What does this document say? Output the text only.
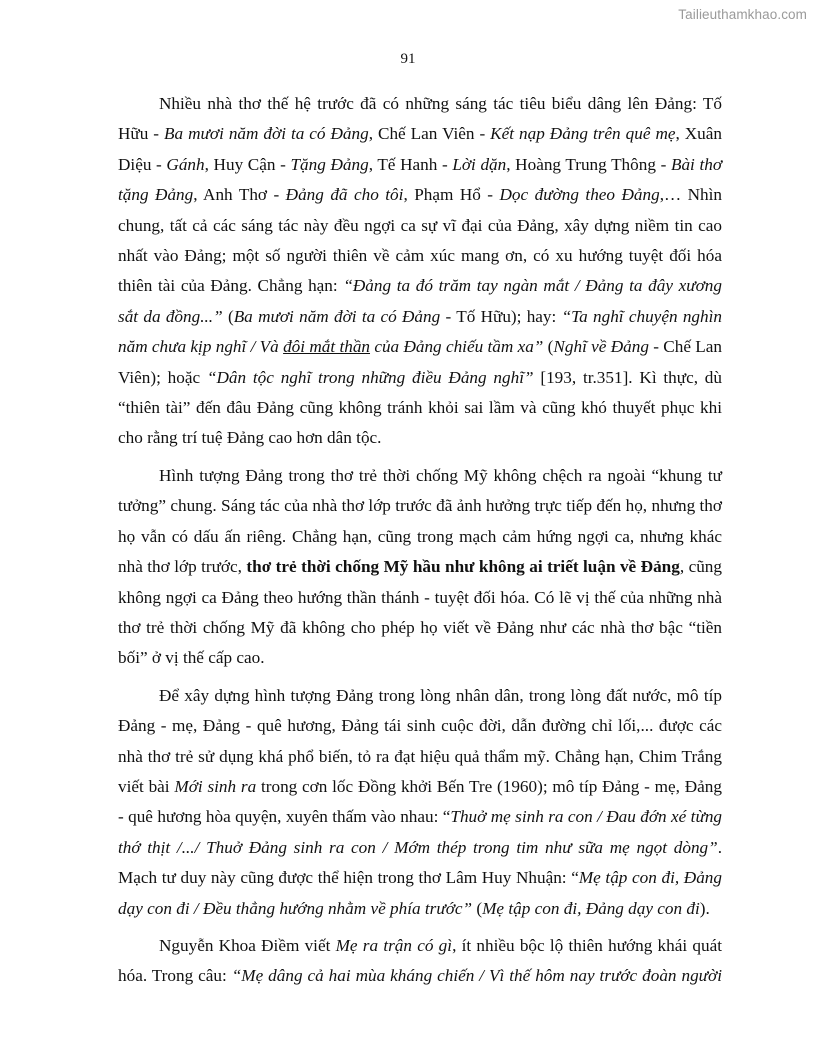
Tailieuthamkhao.com
91

Nhiều nhà thơ thế hệ trước đã có những sáng tác tiêu biểu dâng lên Đảng: Tố Hữu - Ba mươi năm đời ta có Đảng, Chế Lan Viên - Kết nạp Đảng trên quê mẹ, Xuân Diệu - Gánh, Huy Cận - Tặng Đảng, Tế Hanh - Lời dặn, Hoàng Trung Thông - Bài thơ tặng Đảng, Anh Thơ - Đảng đã cho tôi, Phạm Hổ - Dọc đường theo Đảng,… Nhìn chung, tất cả các sáng tác này đều ngợi ca sự vĩ đại của Đảng, xây dựng niềm tin cao nhất vào Đảng; một số người thiên về cảm xúc mang ơn, có xu hướng tuyệt đối hóa thiên tài của Đảng. Chẳng hạn: “Đảng ta đó trăm tay ngàn mắt / Đảng ta đây xương sắt da đồng...” (Ba mươi năm đời ta có Đảng - Tố Hữu); hay: “Ta nghĩ chuyện nghìn năm chưa kịp nghĩ / Và đôi mắt thần của Đảng chiếu tầm xa” (Nghĩ về Đảng - Chế Lan Viên); hoặc “Dân tộc nghĩ trong những điều Đảng nghĩ” [193, tr.351]. Kì thực, dù “thiên tài” đến đâu Đảng cũng không tránh khỏi sai lầm và cũng khó thuyết phục khi cho rằng trí tuệ Đảng cao hơn dân tộc.

Hình tượng Đảng trong thơ trẻ thời chống Mỹ không chệch ra ngoài “khung tư tưởng” chung. Sáng tác của nhà thơ lớp trước đã ảnh hưởng trực tiếp đến họ, nhưng thơ họ vẫn có dấu ấn riêng. Chẳng hạn, cũng trong mạch cảm hứng ngợi ca, nhưng khác nhà thơ lớp trước, thơ trẻ thời chống Mỹ hầu như không ai triết luận về Đảng, cũng không ngợi ca Đảng theo hướng thần thánh - tuyệt đối hóa. Có lẽ vị thế của những nhà thơ trẻ thời chống Mỹ đã không cho phép họ viết về Đảng như các nhà thơ bậc “tiền bối” ở vị thế cấp cao.

Để xây dựng hình tượng Đảng trong lòng nhân dân, trong lòng đất nước, mô típ Đảng - mẹ, Đảng - quê hương, Đảng tái sinh cuộc đời, dẫn đường chỉ lối,... được các nhà thơ trẻ sử dụng khá phổ biến, tỏ ra đạt hiệu quả thẩm mỹ. Chẳng hạn, Chim Trắng viết bài Mới sinh ra trong cơn lốc Đồng khởi Bến Tre (1960); mô típ Đảng - mẹ, Đảng - quê hương hòa quyện, xuyên thấm vào nhau: “Thuở mẹ sinh ra con / Đau đớn xé từng thớ thịt /.../ Thuở Đảng sinh ra con / Mớm thép trong tim như sữa mẹ ngọt dòng”. Mạch tư duy này cũng được thể hiện trong thơ Lâm Huy Nhuận: “Mẹ tập con đi, Đảng dạy con đi / Đều thẳng hướng nhằm về phía trước” (Mẹ tập con đi, Đảng dạy con đi).

Nguyễn Khoa Điềm viết Mẹ ra trận có gì, ít nhiều bộc lộ thiên hướng khái quát hóa. Trong câu: “Mẹ dâng cả hai mùa kháng chiến / Vì thế hôm nay trước đoàn người
